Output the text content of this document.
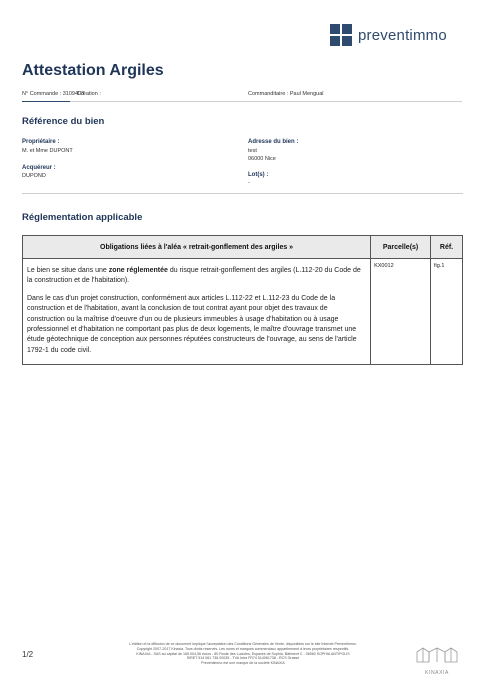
preventimmo
Attestation Argiles
N° Commande : 3109403
Création :	Commanditaire : Paul Mengual
Référence du bien
Propriétaire :
M. et Mme DUPONT
Acquéreur :
DUPOND
Adresse du bien :
test
06000 Nice
Lot(s) :
-
Réglementation applicable
Obligations liées à l'aléa « retrait-gonflement des argiles »	Parcelle(s)	Réf.

Le bien se situe dans une zone réglementée du risque retrait-gonflement des argiles (L.112-20 du Code de la construction et de l'habitation).

Dans le cas d'un projet construction, conformément aux articles L.112-22 et L.112-23 du Code de la construction et de l'habitation, avant la conclusion de tout contrat ayant pour objet des travaux de construction ou la maîtrise d'oeuvre d'un ou de plusieurs immeubles à usage d'habitation ou à usage professionnel et d'habitation ne comportant pas plus de deux logements, le maître d'ouvrage transmet une étude géotechnique de conception aux personnes réputées constructeurs de l'ouvrage, au sens de l'article 1792-1 du code civil.	KX0012	fig.1
1/2
L'édition et la diffusion de ce document implique l'acceptation des Conditions Générales de Vente, disponibles sur le site Internet Preventimmo.
Copyright 2007-2017 Kinaxia. Tous droits réservés. Les noms et marques commerciaux appartiennent à leurs propriétaires respectifs.
KINAXIA - SAS au capital de 165.004,56 euros - 80 Route des Lucioles, Espaces de Sophia, Bâtiment C - 06560 SOPHIA ANTIPOLIS
SIRET 514 061 738 00035 - TVA Intra FR74 514061738 - RCS Grasse
Preventimmo est une marque de la société KINAXIA
KINAXIA
